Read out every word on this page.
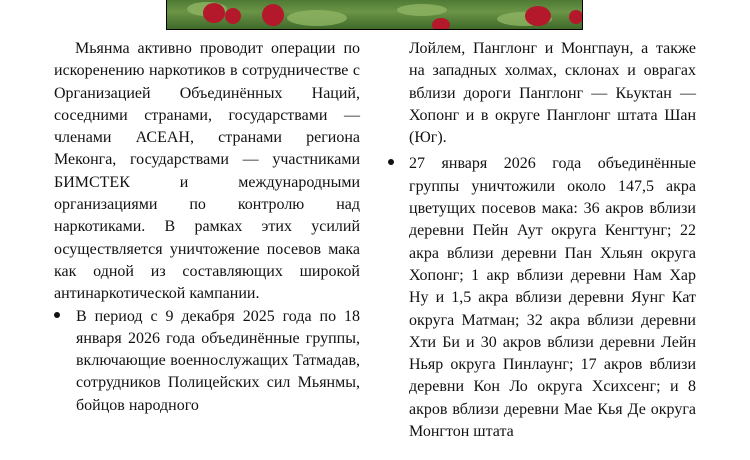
Мьянма активно проводит операции по искоренению наркотиков в сотрудничестве с Организацией Объединённых Наций, соседними странами, государствами — членами АСЕАН, странами региона Меконга, государствами — участниками БИМСТЕК и международными организациями по контролю над наркотиками. В рамках этих усилий осуществляется уничтожение посевов мака как одной из составляющих широкой антинаркотической кампании.

В период с 9 декабря 2025 года по 18 января 2026 года объединённые группы, включающие военнослужащих Татмадав, сотрудников Полицейских сил Мьянмы, бойцов народного

Лойлем, Панглонг и Монгпаун, а также на западных холмах, склонах и оврагах вблизи дороги Панглонг — Кьуктан — Хопонг и в округе Панглонг штата Шан (Юг).

27 января 2026 года объединённые группы уничтожили около 147,5 акра цветущих посевов мака: 36 акров вблизи деревни Пейн Аут округа Кенгтунг; 22 акра вблизи деревни Пан Хльян округа Хопонг; 1 акр вблизи деревни Нам Хар Ну и 1,5 акра вблизи деревни Яунг Кат округа Матман; 32 акра вблизи деревни Хти Би и 30 акров вблизи деревни Лейн Ньяр округа Пинлаунг; 17 акров вблизи деревни Кон Ло округа Хсихсенг; и 8 акров вблизи деревни Мае Кья Де округа Монгтон штата
